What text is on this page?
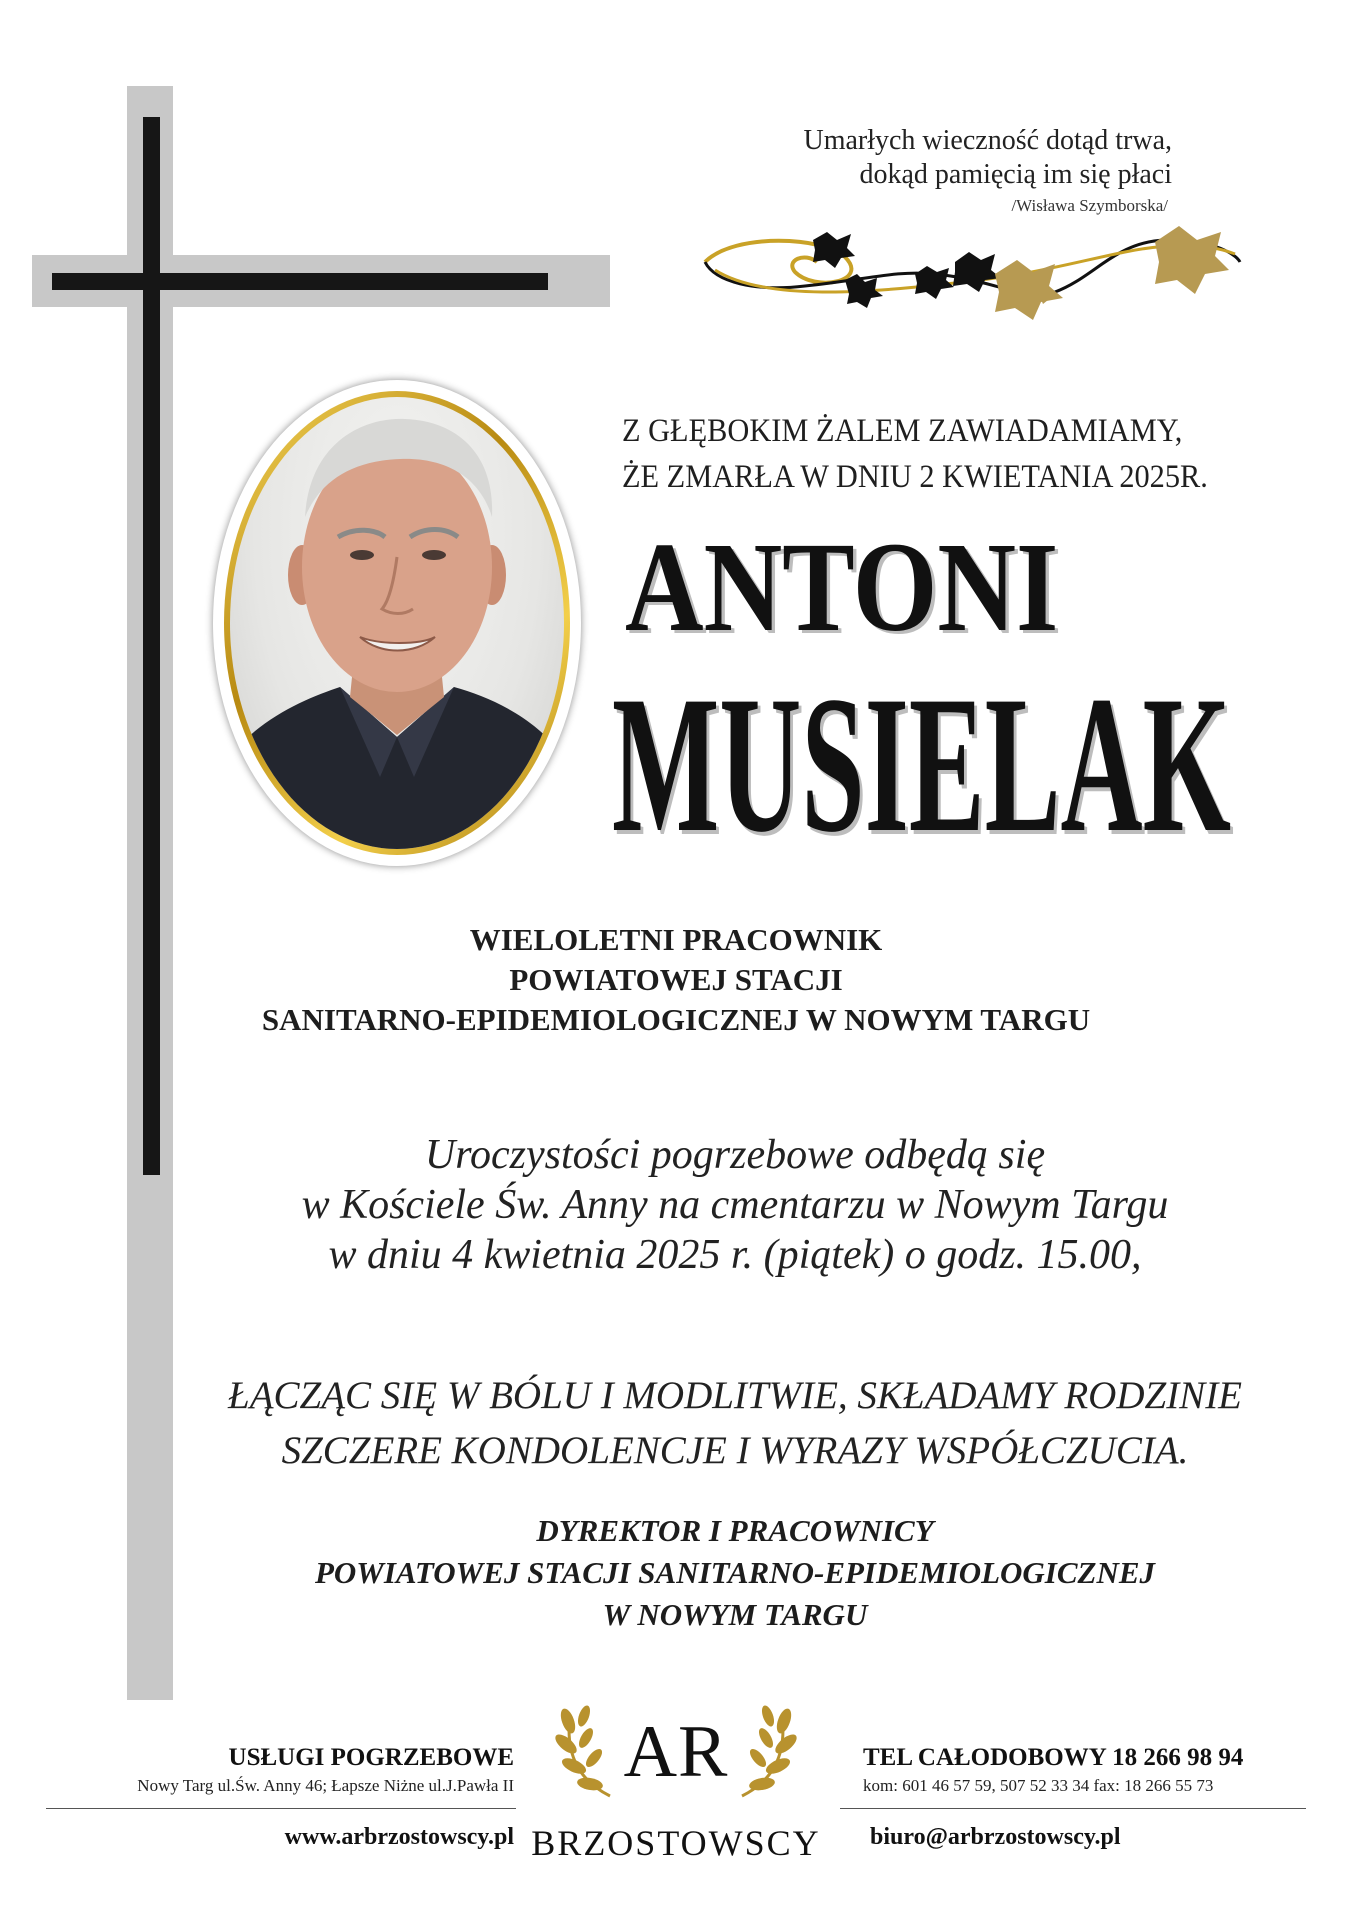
Umarłych wieczność dotąd trwa,
dokąd pamięcią im się płaci
/Wisława Szymborska/
Z GŁĘBOKIM ŻALEM ZAWIADAMIAMY,
ŻE ZMARŁA W DNIU 2 KWIETANIA 2025R.
ANTONI
MUSIELAK
WIELOLETNI PRACOWNIK
POWIATOWEJ STACJI
SANITARNO-EPIDEMIOLOGICZNEJ W NOWYM TARGU
Uroczystości pogrzebowe odbędą się
w Kościele Św. Anny na cmentarzu w Nowym Targu
w dniu 4 kwietnia 2025 r. (piątek) o godz. 15.00,
ŁĄCZĄC SIĘ W BÓLU I MODLITWIE, SKŁADAMY RODZINIE
SZCZERE KONDOLENCJE I WYRAZY WSPÓŁCZUCIA.
DYREKTOR I PRACOWNICY
POWIATOWEJ STACJI SANITARNO-EPIDEMIOLOGICZNEJ
W NOWYM TARGU
USŁUGI POGRZEBOWE
Nowy Targ ul.Św. Anny 46; Łapsze Niżne ul.J.Pawła II
www.arbrzostowscy.pl
AR
BRZOSTOWSCY
TEL CAŁODOBOWY 18 266 98 94
kom: 601 46 57 59, 507 52 33 34 fax: 18 266 55 73
biuro@arbrzostowscy.pl
